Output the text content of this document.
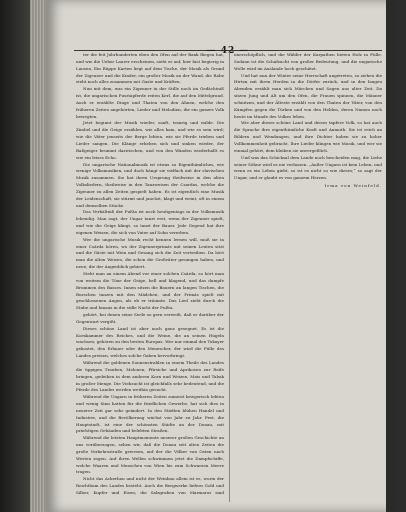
— 42 —

ter die feit Jahrhunderten eben den Ofen auf der Bank fliegen hat, und wie die Ueber Laurer erscheinen, sieht er auf, hier fast begierig in Lausen, Ein Rüppe Karten liegt auf dem Tische, der Musik als Grund der Zigeuner und die Kinder, ein großer Musik an der Wand, die Rabe steht noch alles zusammen mit Gaste und Kräften.

Nun mit dem, was ein Zigeuner in der Stille noch im Gedächtniß ist, die ungarischen Pusztapferde reiten Kerl, die auf den Mittelgrund. Auch er erzählte Dinge und Thaten von den Ahnen, welche den früheren Zeiten angehörten, Lieder und Melodien, die ein ganzes Volk bewegten.

Jetzt beginnt der Musik wieder, sanft, traurig und milde. Die Zimbel und die Geige erzählen, wie alles kam, und wie es sein wird; wie die Väter jenseits der Berge lebten, wie sie Pferde trieben und Lieder sangen. Die Klänge erheben sich und sinken wieder, der Baßgeiger brummt dazwischen, und von den Wänden wiederhallt es wie ein leises Echo.

Die ungarische Nationalmusik ist etwas so Eigenthümliches, wie wenige Volksmusiken, und doch hängt sie vielfach mit der slavischen Musik zusammen. Sie hat ihren Ursprung theilweise in den alten Volksliedern, theilweise in den Tanzweisen der Czardas, welche die Zigeuner zu allen Zeiten gespielt haben. Es ist eigentlich eine Musik der Leidenschaft, sie stürmt und jauchzt, klagt und weint, oft in einem und demselben Stücke.

Das Verhältniß der Pußta ist noch heutigentags in der Volksmusik lebendig. Man sagt, der Ungar tanzt erst, wenn der Zigeuner spielt, und wie die Geige klingt, so tanzt der Bauer. Jede Gegend hat ihre eigenen Weisen, die sich von Vater auf Sohn vererben.

Wer die ungarische Musik recht kennen lernen will, muß sie in einer Csárda hören, wo der Zigeunerprimás mit seinen Leuten sitzt und die Gäste mit Wein und Gesang sich die Zeit vertreiben. Da hört man die alten Weisen, die schon die Großväter gesungen haben, und neue, die der Augenblick gebiert.

Steht man an einem Abend vor einer solchen Csárda, so hört man von weitem die Töne der Geige, hell und klagend, und das dumpfe Brummen des Basses. Innen sitzen die Bauern an langen Tischen, die Burschen tanzen mit den Mädchen, und der Primás spielt mit geschlossenen Augen, als ob er träumte. Das Lied zieht durch die Stube und hinaus in die stille Nacht der Pußta.

gehört, bei denen seine Seele so gern verweilt, daß er darüber der Gegenwart vergißt.

Dieses schöne Land ist aber auch ganz gesegnet. Es ist die Kornkammer des Reiches, und die Weine, die an seinen Hügeln wachsen, gehören zu den besten Europas. Wer nur einmal den Tokayer gekostet, den Erlauer oder den Menescher, der wird die Fülle des Landes preisen, welches solche Gaben hervorbringt.

Während die goldenen Sonnenstrahlen in einem Theile des Landes die üppigen Trauben, Melonen, Pfirsiche und Aprikosen zur Reife bringen, gedeihen in dem anderen Korn und Weizen, Mais und Tabak in großer Menge. Die Viehzucht ist gleichfalls sehr bedeutend, und die Pferde des Landes werden weithin gesucht.

Während die Ungarn in früheren Zeiten zumeist kriegerisch lebten und wenig Sinn hatten für die friedlichen Gewerbe, hat sich dies in neuerer Zeit gar sehr geändert. In den Städten blühen Handel und Industrie, und die Bevölkerung wächst von Jahr zu Jahr. Pest, die Hauptstadt, ist eine der schönsten Städte an der Donau, mit prächtigen Gebäuden und belebten Straßen.

Während die letzten Hauptmomente unserer großen Geschichte an uns vorüberzogen, sehen wir, daß die Donau seit alten Zeiten die große Verkehrsstraße gewesen, auf der die Völker von Osten nach Westen zogen. Auf ihren Wellen schwimmen jetzt die Dampfschiffe, welche Waaren und Menschen von Wien bis zum Schwarzen Meere tragen.

Nicht das Ackerbau und nicht der Weinbau allein ist es, worin der Reichthum des Landes besteht. Auch die Bergwerke liefern Gold und Silber, Kupfer und Eisen; die Salzgruben von Marmaros sind unerschöpflich, und die Wälder der Karpathen bieten Holz in Fülle. Sodann ist die Schafzucht von großer Bedeutung, und die ungarische Wolle wird im Auslande hoch geschätzt.

Und hat nun der Winter seine Herrschaft angetreten, so ziehen die Hirten mit ihren Herden in die Dörfer zurück, und in den langen Abenden erzählt man sich Märchen und Sagen aus alter Zeit. Da sitzen Jung und Alt um den Ofen, die Frauen spinnen, die Männer schnitzen, und der Älteste erzählt von den Thaten der Väter, von den Kämpfen gegen die Türken und von den Helden, deren Namen noch heute im Munde des Volkes leben.

Wie aber dieses schöne Land und dieses tapfere Volk, so hat auch die Sprache ihre eigenthümliche Kraft und Anmuth. Sie ist reich an Bildern und Wendungen, und ihre Dichter haben sie zu hoher Vollkommenheit gebracht. Ihre Lieder klingen wie Musik, und wer sie einmal gehört, dem bleiben sie unvergeßlich.

Und was das Schicksal dem Lande noch bescheiden mag, die Liebe seiner Söhne wird es nie verlassen. „Außer Ungarn ist kein Leben, und wenn es ein Leben giebt, so ist es nicht so wie dieses;“ so sagt der Ungar, und er glaubt es von ganzem Herzen.

Irma von Weinfeld.
